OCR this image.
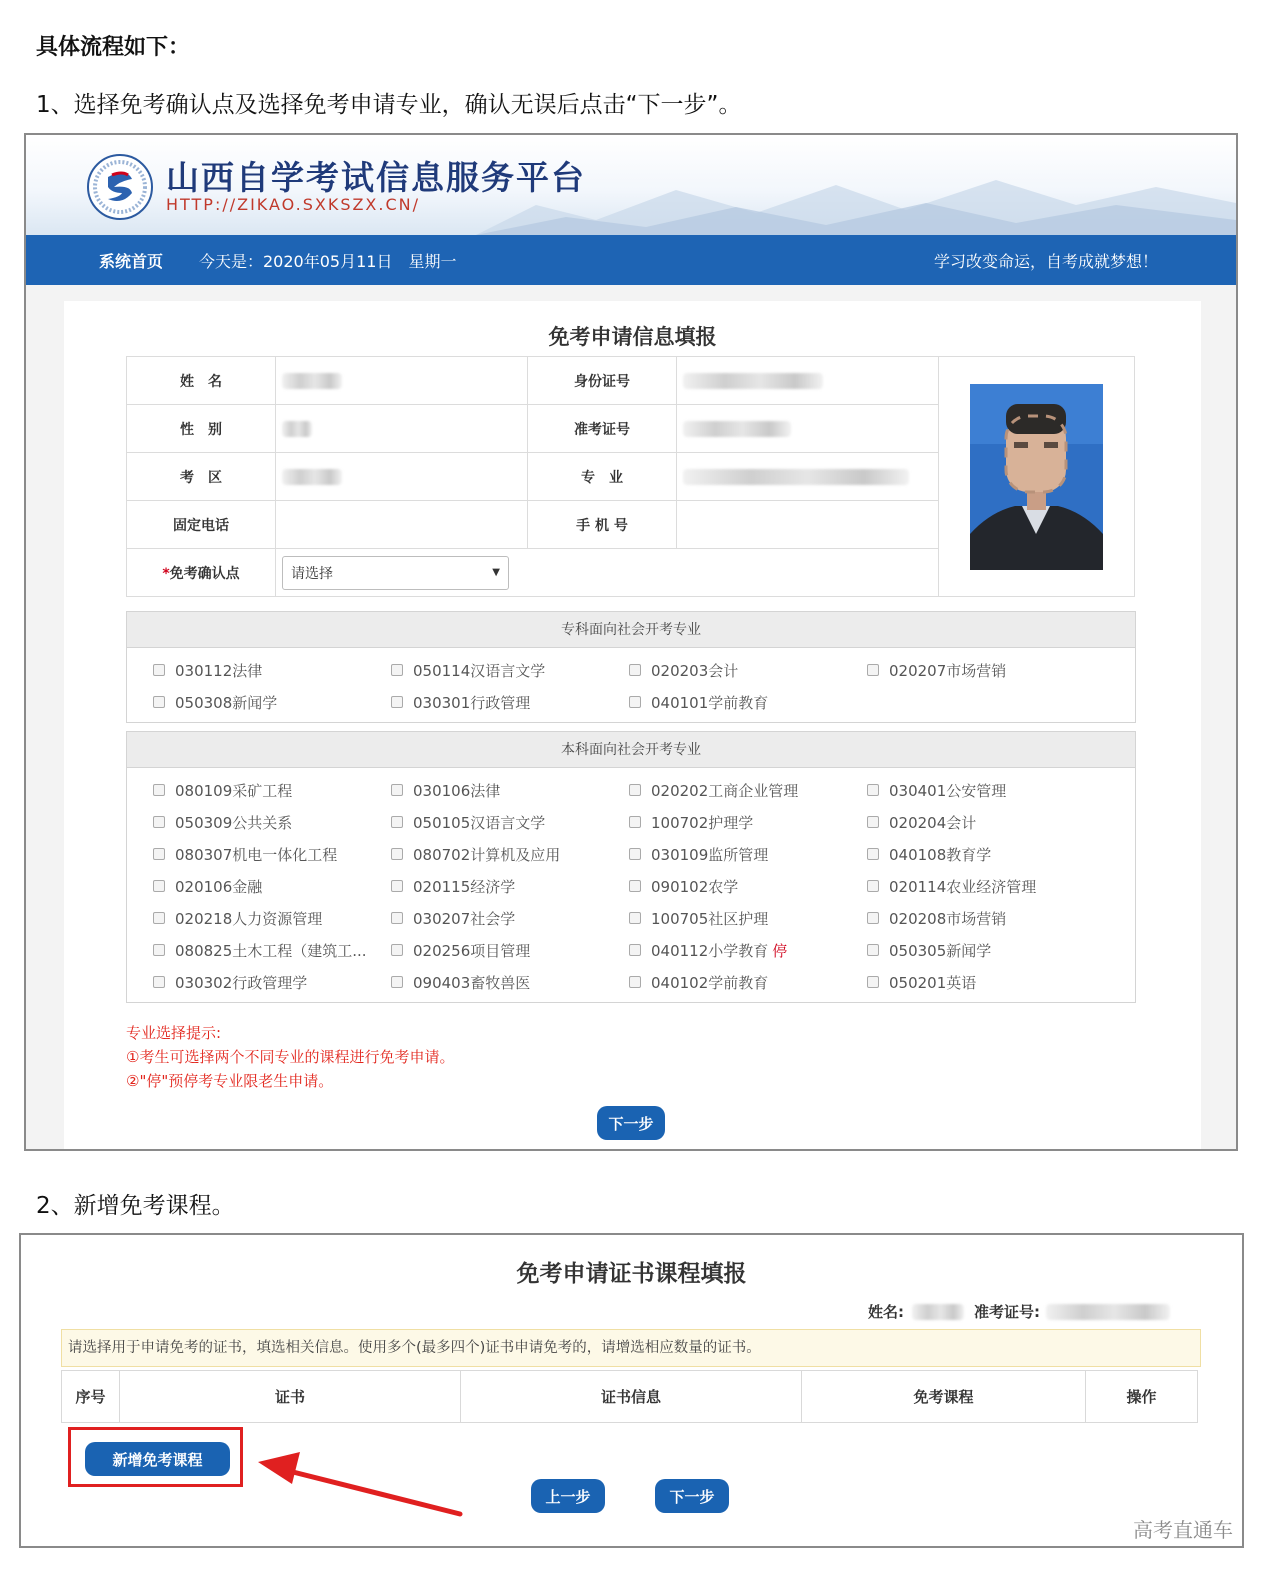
具体流程如下：
1、选择免考确认点及选择免考申请专业，确认无误后点击“下一步”。
山西自学考试信息服务平台
HTTP://ZIKAO.SXKSZX.CN/
系统首页 今天是：2020年05月11日　星期一	学习改变命运，自考成就梦想！
免考申请信息填报
姓　名		身份证号		

性　别		准考证号		
考　区		专　业		
固定电话		手 机 号		
*免考确认点	请选择 ▼			
专科面向社会开考专业
030112法律	050114汉语言文学	020203会计	020207市场营销
050308新闻学	030301行政管理	040101学前教育
本科面向社会开考专业
080109采矿工程	030106法律	020202工商企业管理	030401公安管理
050309公共关系	050105汉语言文学	100702护理学	020204会计
080307机电一体化工程	080702计算机及应用	030109监所管理	040108教育学
020106金融	020115经济学	090102农学	020114农业经济管理
020218人力资源管理	030207社会学	100705社区护理	020208市场营销
080825土木工程（建筑工...	020256项目管理	040112小学教育 停	050305新闻学
030302行政管理学	090403畜牧兽医	040102学前教育	050201英语
专业选择提示:
①考生可选择两个不同专业的课程进行免考申请。
②"停"预停考专业限老生申请。
下一步
2、新增免考课程。
免考申请证书课程填报
姓名:	准考证号:
请选择用于申请免考的证书，填选相关信息。使用多个(最多四个)证书申请免考的，请增选相应数量的证书。
序号	证书	证书信息	免考课程	操作
新增免考课程
上一步	下一步
高考直通车
